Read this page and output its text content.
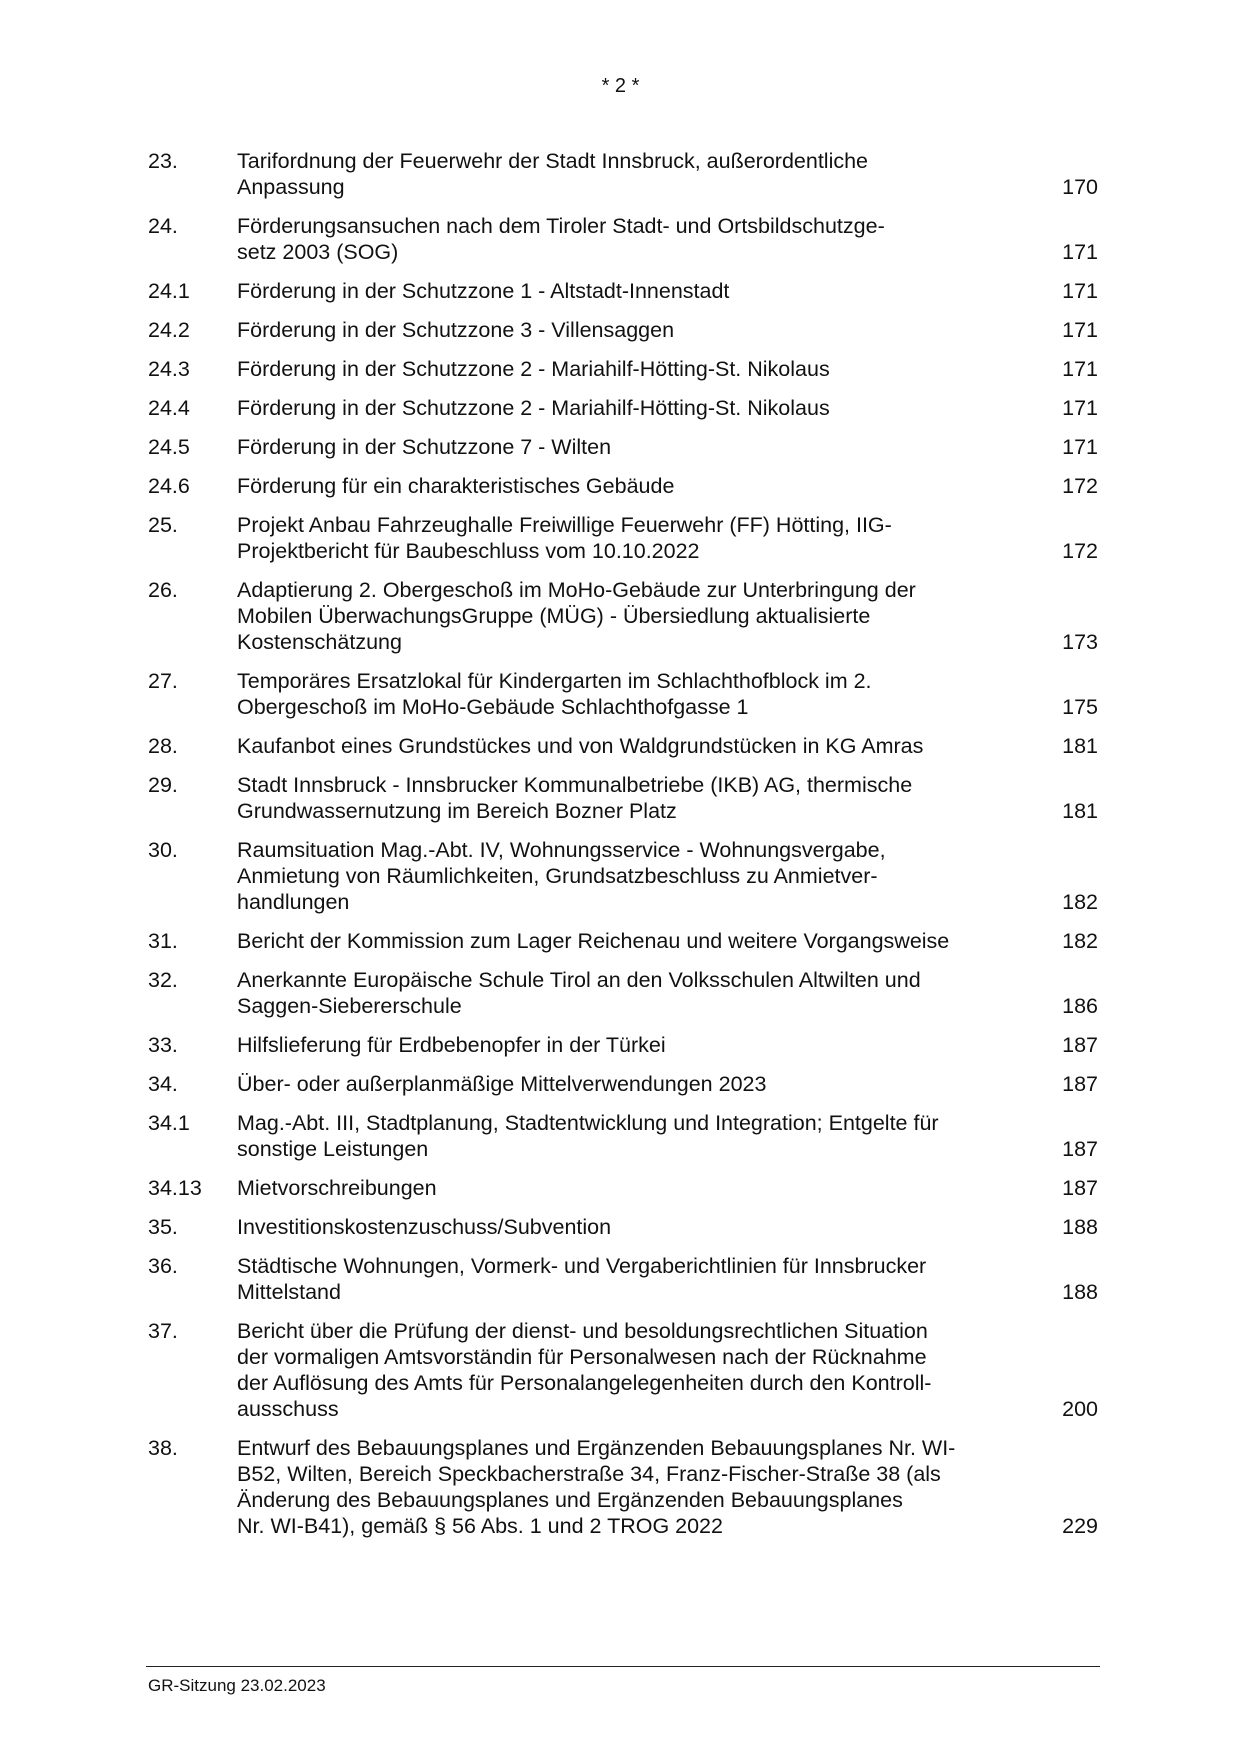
* 2 *
23.	Tarifordnung der Feuerwehr der Stadt Innsbruck, außerordentliche
Anpassung	170
24.	Förderungsansuchen nach dem Tiroler Stadt- und Ortsbildschutzge-
setz 2003 (SOG)	171
24.1	Förderung in der Schutzzone 1 - Altstadt-Innenstadt	171
24.2	Förderung in der Schutzzone 3 - Villensaggen	171
24.3	Förderung in der Schutzzone 2 - Mariahilf-Hötting-St. Nikolaus	171
24.4	Förderung in der Schutzzone 2 - Mariahilf-Hötting-St. Nikolaus	171
24.5	Förderung in der Schutzzone 7 - Wilten	171
24.6	Förderung für ein charakteristisches Gebäude	172
25.	Projekt Anbau Fahrzeughalle Freiwillige Feuerwehr (FF) Hötting, IIG-
Projektbericht für Baubeschluss vom 10.10.2022	172
26.	Adaptierung 2. Obergeschoß im MoHo-Gebäude zur Unterbringung der
Mobilen ÜberwachungsGruppe (MÜG) - Übersiedlung aktualisierte
Kostenschätzung	173
27.	Temporäres Ersatzlokal für Kindergarten im Schlachthofblock im 2.
Obergeschoß im MoHo-Gebäude Schlachthofgasse 1	175
28.	Kaufanbot eines Grundstückes und von Waldgrundstücken in KG Amras	181
29.	Stadt Innsbruck - Innsbrucker Kommunalbetriebe (IKB) AG, thermische
Grundwassernutzung im Bereich Bozner Platz	181
30.	Raumsituation Mag.-Abt. IV, Wohnungsservice - Wohnungsvergabe,
Anmietung von Räumlichkeiten, Grundsatzbeschluss zu Anmietver-
handlungen	182
31.	Bericht der Kommission zum Lager Reichenau und weitere Vorgangsweise	182
32.	Anerkannte Europäische Schule Tirol an den Volksschulen Altwilten und
Saggen-Siebererschule	186
33.	Hilfslieferung für Erdbebenopfer in der Türkei	187
34.	Über- oder außerplanmäßige Mittelverwendungen 2023	187
34.1	Mag.-Abt. III, Stadtplanung, Stadtentwicklung und Integration; Entgelte für
sonstige Leistungen	187
34.13	Mietvorschreibungen	187
35.	Investitionskostenzuschuss/Subvention	188
36.	Städtische Wohnungen, Vormerk- und Vergaberichtlinien für Innsbrucker
Mittelstand	188
37.	Bericht über die Prüfung der dienst- und besoldungsrechtlichen Situation
der vormaligen Amtsvorständin für Personalwesen nach der Rücknahme
der Auflösung des Amts für Personalangelegenheiten durch den Kontroll-
ausschuss	200
38.	Entwurf des Bebauungsplanes und Ergänzenden Bebauungsplanes Nr. WI-
B52, Wilten, Bereich Speckbacherstraße 34, Franz-Fischer-Straße 38 (als
Änderung des Bebauungsplanes und Ergänzenden Bebauungsplanes
Nr. WI-B41), gemäß § 56 Abs. 1 und 2 TROG 2022	229
GR-Sitzung 23.02.2023
